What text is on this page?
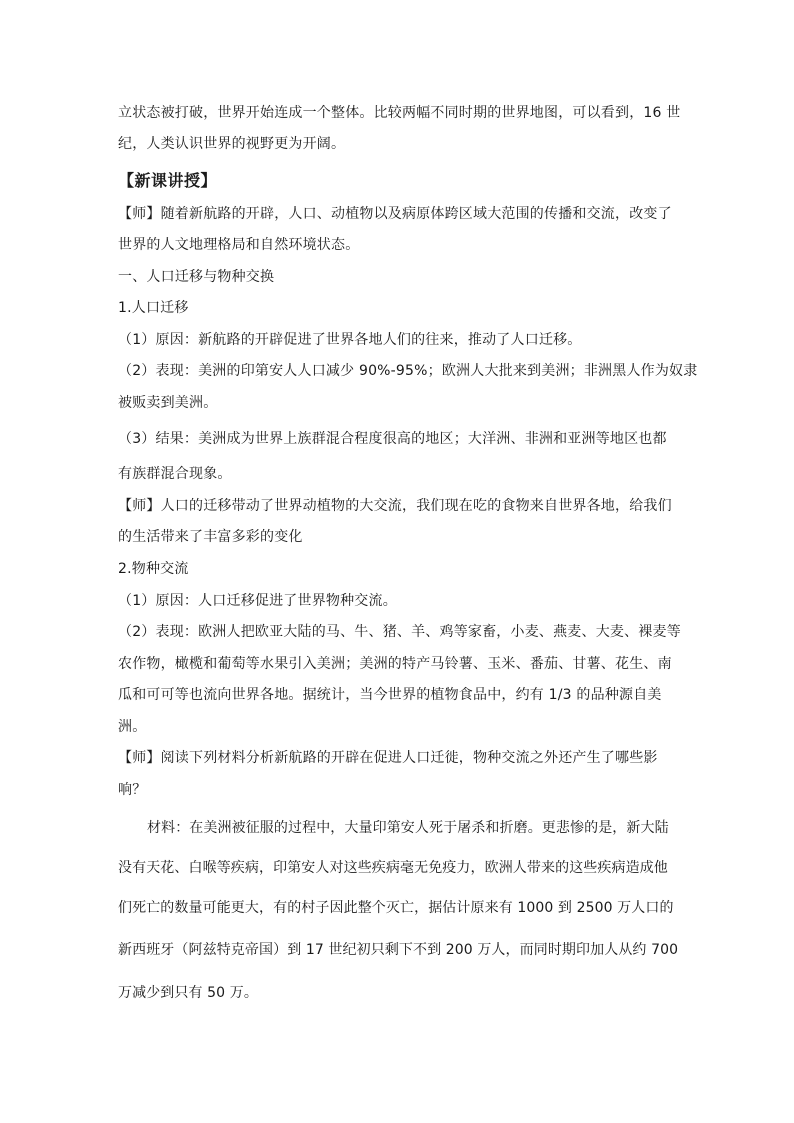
立状态被打破，世界开始连成一个整体。比较两幅不同时期的世界地图，可以看到，16 世
纪，人类认识世界的视野更为开阔。
【新课讲授】
【师】随着新航路的开辟，人口、动植物以及病原体跨区域大范围的传播和交流，改变了
世界的人文地理格局和自然环境状态。
一、人口迁移与物种交换
1.人口迁移
（1）原因：新航路的开辟促进了世界各地人们的往来，推动了人口迁移。
（2）表现：美洲的印第安人人口减少 90%-95%；欧洲人大批来到美洲；非洲黑人作为奴隶
被贩卖到美洲。
（3）结果：美洲成为世界上族群混合程度很高的地区；大洋洲、非洲和亚洲等地区也都
有族群混合现象。
【师】人口的迁移带动了世界动植物的大交流，我们现在吃的食物来自世界各地，给我们
的生活带来了丰富多彩的变化
2.物种交流
（1）原因：人口迁移促进了世界物种交流。
（2）表现：欧洲人把欧亚大陆的马、牛、猪、羊、鸡等家畜，小麦、燕麦、大麦、裸麦等
农作物，橄榄和葡萄等水果引入美洲；美洲的特产马铃薯、玉米、番茄、甘薯、花生、南
瓜和可可等也流向世界各地。据统计，当今世界的植物食品中，约有 1/3 的品种源自美
洲。
【师】阅读下列材料分析新航路的开辟在促进人口迁徙，物种交流之外还产生了哪些影
响？
材料：在美洲被征服的过程中，大量印第安人死于屠杀和折磨。更悲惨的是，新大陆
没有天花、白喉等疾病，印第安人对这些疾病毫无免疫力，欧洲人带来的这些疾病造成他
们死亡的数量可能更大，有的村子因此整个灭亡，据估计原来有 1000 到 2500 万人口的
新西班牙（阿兹特克帝国）到 17 世纪初只剩下不到 200 万人，而同时期印加人从约 700
万减少到只有 50 万。
